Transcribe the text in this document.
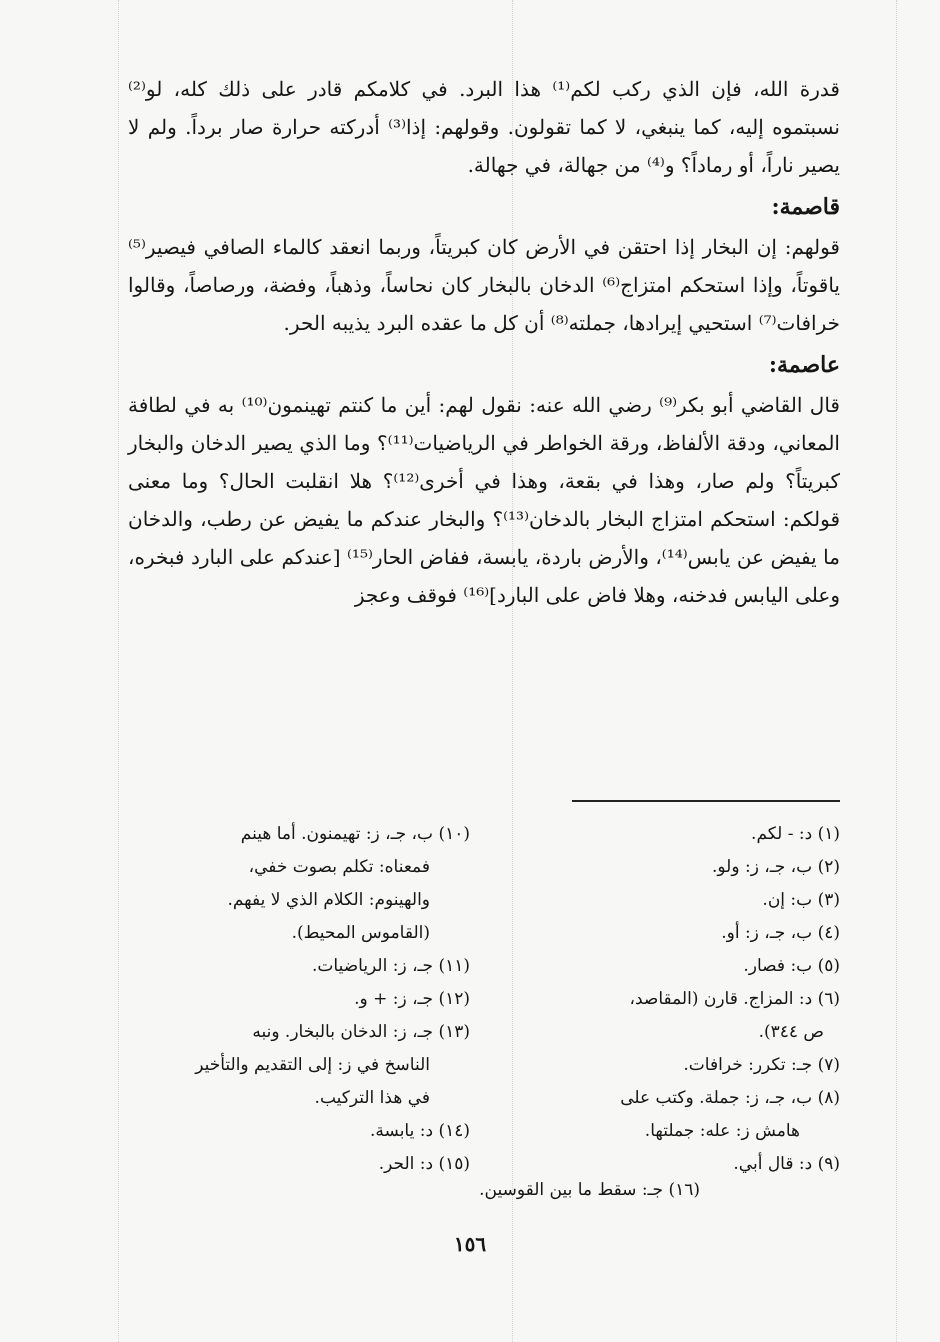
قدرة الله، فإن الذي ركب لكم⁽¹⁾ هذا البرد. في كلامكم قادر على ذلك كله، لو⁽²⁾ نسبتموه إليه، كما ينبغي، لا كما تقولون. وقولهم: إذا⁽³⁾ أدركته حرارة صار برداً. ولم لا يصير ناراً، أو رماداً؟ و⁽⁴⁾ من جهالة، في جهالة.

قاصمة:

قولهم: إن البخار إذا احتقن في الأرض كان كبريتاً، وربما انعقد كالماء الصافي فيصير⁽⁵⁾ ياقوتاً، وإذا استحكم امتزاج⁽⁶⁾ الدخان بالبخار كان نحاساً، وذهباً، وفضة، ورصاصاً، وقالوا خرافات⁽⁷⁾ استحيي إيرادها، جملته⁽⁸⁾ أن كل ما عقده البرد يذيبه الحر.

عاصمة:

قال القاضي أبو بكر⁽⁹⁾ رضي الله عنه: نقول لهم: أين ما كنتم تهينمون⁽¹⁰⁾ به في لطافة المعاني، ودقة الألفاظ، ورقة الخواطر في الرياضيات⁽¹¹⁾؟ وما الذي يصير الدخان والبخار كبريتاً؟ ولم صار، وهذا في بقعة، وهذا في أخرى⁽¹²⁾؟ هلا انقلبت الحال؟ وما معنى قولكم: استحكم امتزاج البخار بالدخان⁽¹³⁾؟ والبخار عندكم ما يفيض عن رطب، والدخان ما يفيض عن يابس⁽¹⁴⁾، والأرض باردة، يابسة، ففاض الحار⁽¹⁵⁾ [عندكم على البارد فبخره، وعلى اليابس فدخنه، وهلا فاض على البارد]⁽¹⁶⁾ فوقف وعجز

(١) د: - لكم.

(٢) ب، جـ، ز: ولو.

(٣) ب: إن.

(٤) ب، جـ، ز: أو.

(٥) ب: فصار.

(٦) د: المزاج. قارن (المقاصد،

ص ٣٤٤).

(٧) جـ: تكرر: خرافات.

(٨) ب، جـ، ز: جملة. وكتب على

هامش ز: عله: جملتها.

(٩) د: قال أبي.

(١٠) ب، جـ، ز: تهيمنون. أما هينم

فمعناه: تكلم بصوت خفي،

والهينوم: الكلام الذي لا يفهم.

(القاموس المحيط).

(١١) جـ، ز: الرياضيات.

(١٢) جـ، ز: + و.

(١٣) جـ، ز: الدخان بالبخار. ونبه

الناسخ في ز: إلى التقديم والتأخير

في هذا التركيب.

(١٤) د: يابسة.

(١٥) د: الحر.

(١٦) جـ: سقط ما بين القوسين.
١٥٦
